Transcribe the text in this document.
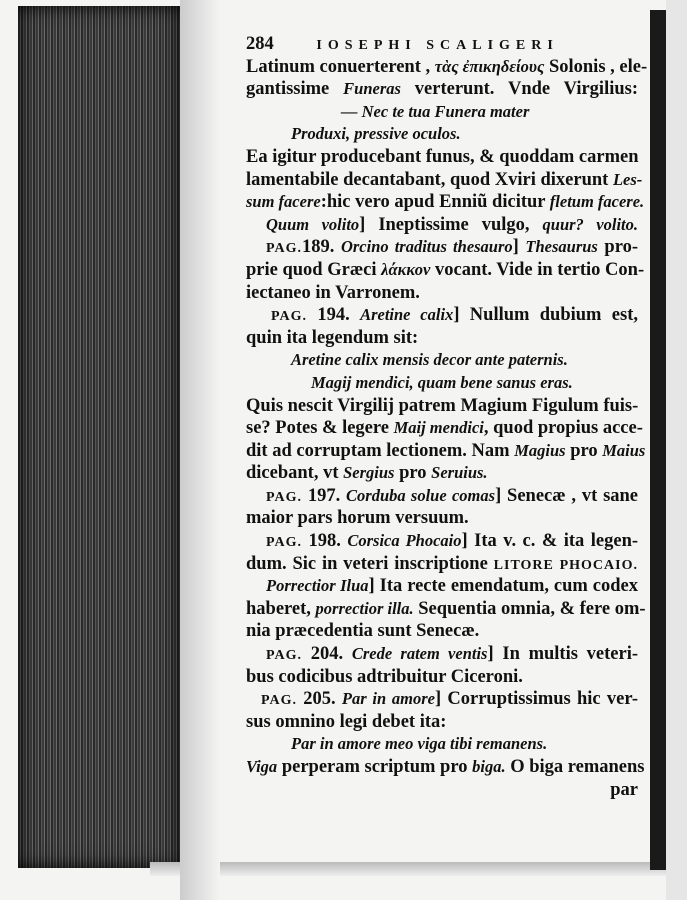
284	IOSEPHI SCALIGERI
Latinum conuerterent , τὰς ἐπικηδείους Solonis , ele-
gantissime Funeras verterunt. Vnde Virgilius:
— Nec te tua Funera mater
Produxi, pressive oculos.
Ea igitur producebant funus, & quoddam carmen
lamentabile decantabant, quod Xviri dixerunt Les-
sum facere:hic vero apud Enniũ dicitur fletum facere.
Quum volito] Ineptissime vulgo, quur? volito.
PAG.189. Orcino traditus thesauro] Thesaurus pro-
prie quod Græci λάκκον vocant. Vide in tertio Con-
iectaneo in Varronem.
PAG. 194. Aretine calix] Nullum dubium est,
quin ita legendum sit:
Aretine calix mensis decor ante paternis.
Magij mendici, quam bene sanus eras.
Quis nescit Virgilij patrem Magium Figulum fuis-
se? Potes & legere Maij mendici, quod propius acce-
dit ad corruptam lectionem. Nam Magius pro Maius
dicebant, vt Sergius pro Seruius.
PAG. 197. Corduba solue comas] Senecæ , vt sane
maior pars horum versuum.
PAG. 198. Corsica Phocaio] Ita v. c. & ita legen-
dum. Sic in veteri inscriptione LITORE PHOCAIO.
Porrectior Ilua] Ita recte emendatum, cum codex
haberet, porrectior illa. Sequentia omnia, & fere om-
nia præcedentia sunt Senecæ.
PAG. 204. Crede ratem ventis] In multis veteri-
bus codicibus adtribuitur Ciceroni.
PAG. 205. Par in amore] Corruptissimus hic ver-
sus omnino legi debet ita:
Par in amore meo viga tibi remanens.
Viga perperam scriptum pro biga. O biga remanens
par
